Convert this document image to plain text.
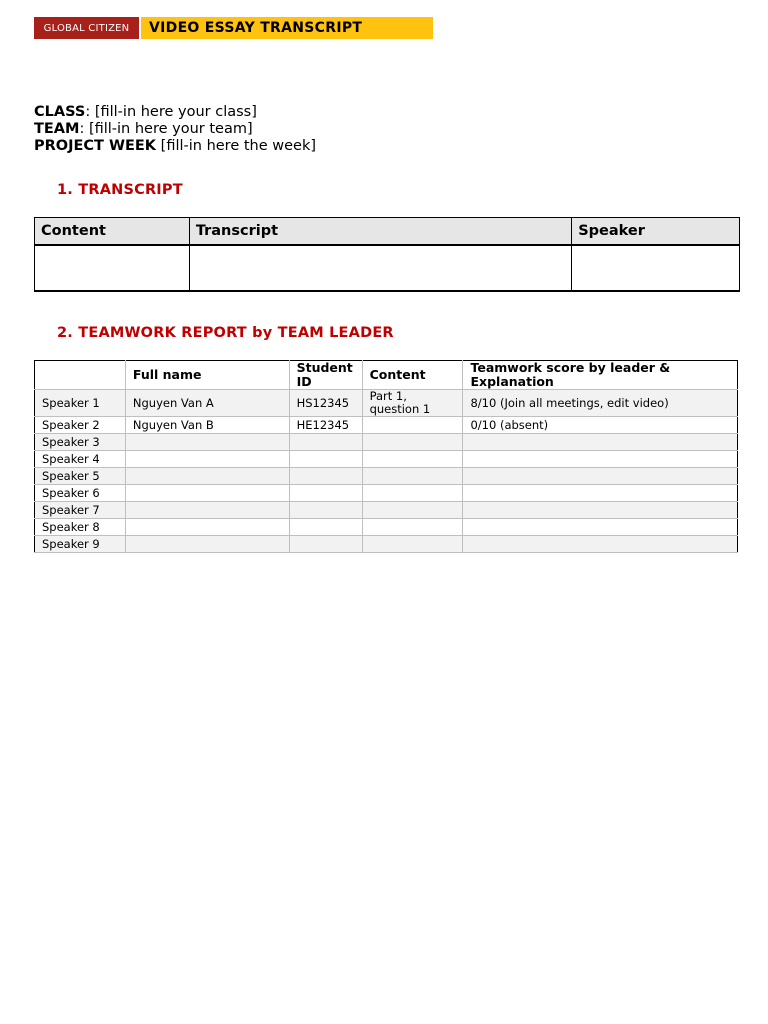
GLOBAL CITIZEN	VIDEO ESSAY TRANSCRIPT
CLASS: [fill-in here your class]
TEAM: [fill-in here your team]
PROJECT WEEK [fill-in here the week]
1. TRANSCRIPT
Content	Transcript	Speaker

2. TEAMWORK REPORT by TEAM LEADER
	Full name	Student ID	Content	Teamwork score by leader & Explanation
Speaker 1	Nguyen Van A	HS12345	Part 1, question 1	8/10 (Join all meetings, edit video)
Speaker 2	Nguyen Van B	HE12345		0/10 (absent)
Speaker 3				
Speaker 4				
Speaker 5				
Speaker 6				
Speaker 7				
Speaker 8				
Speaker 9				
